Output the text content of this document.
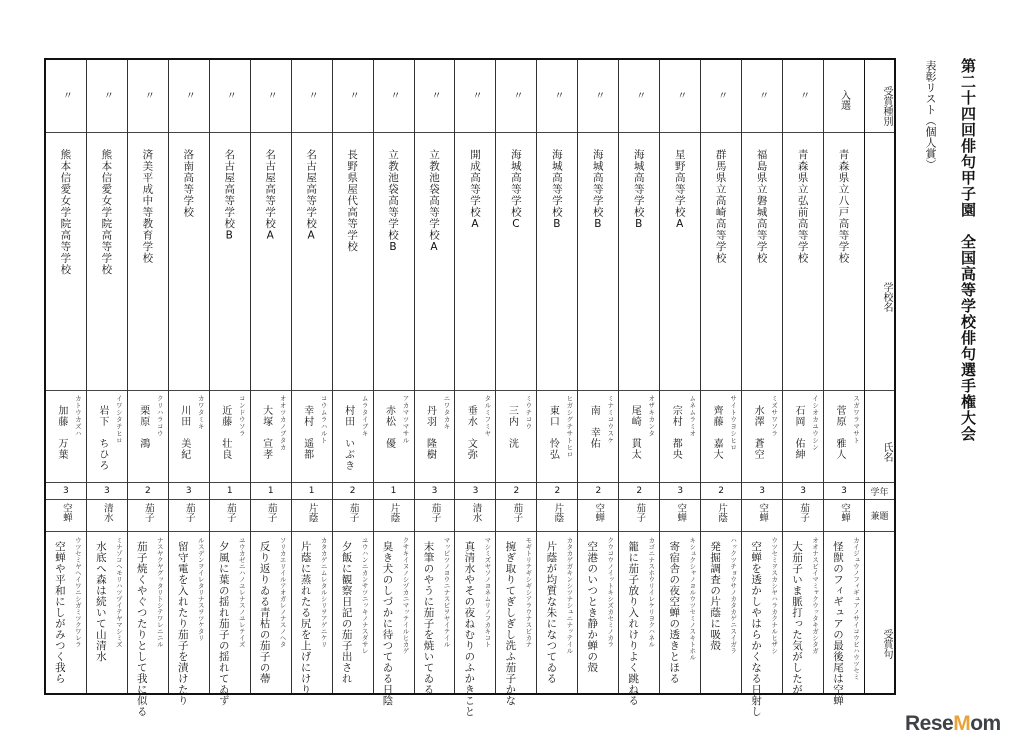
第二十四回俳句甲子園　全国高等学校俳句選手権大会
表彰リスト（個人賞）
受賞種別
学校名
氏名
学年
兼題
受賞句
入選
青森県立八戸高等学校
スガワラマサト
菅原　雅人
3
空蝉
カイジュウノフィギュアノサイコウビハウツセミ
怪獣のフィギュアの最後尾は空蝉
〃
青森県立弘前高等学校
イシオカユウシン
石岡　佑紳
3
茄子
オオナスビイマミャクウッタキガシタガ
大茄子いま脈打った気がしたが
〃
福島県立磐城高等学校
ミズサワソラ
水澤　蒼空
3
空蝉
ウツセミヲスカシヤハラカクナルヒザシ
空蝉を透かしやはらかくなる日射し
〃
群馬県立高崎高等学校
サイトウヨシヒロ
齊藤　嘉大
2
片蔭
ハックツチョウサノカタカゲニスイガラ
発掘調査の片蔭に吸殻
〃
星野高等学校A
ムネムラミオ
宗村　都央
3
空蝉
キシュクシャノヨルウツセミノスキトホル
寄宿舎の夜空蝉の透きとほる
〃
海城高等学校B
オザキカンタ
尾崎　貫太
2
茄子
カゴニナスホウリイレケリヨクハネル
籠に茄子放り入れけりよく跳ねる
〃
海城高等学校B
ミナミコウスケ
南　幸佑
2
空蝉
クウコウノイットキシズカセミノカラ
空港のいつとき静か蝉の殻
〃
海城高等学校B
ヒガシグチサトヒロ
東口　怜弘
2
片蔭
カタカゲガキンシツナシュニナッテイル
片蔭が均質な朱になつてゐる
〃
海城高等学校C
ミウチコウ
三内　洸
2
茄子
モギトリテギシギシアラウナスビカナ
捥ぎ取りてぎしぎし洗ふ茄子かな
〃
開成高等学校A
タルミフミヤ
垂水　文弥
3
清水
マシミズヤソノヨネムリノフカキコト
真清水やその夜ねむりのふかきこと
〃
立教池袋高等学校A
ニワタカキ
丹羽　隆樹
3
茄子
マッピツノヨウニナスビヲヤイテイル
末筆のやうに茄子を焼いてゐる
〃
立教池袋高等学校B
アカマツマサル
赤松　優
1
片蔭
クサキイヌノシヅカニマッテイルヒカゲ
臭き犬のしづかに待つてゐる日陰
〃
長野県屋代高等学校
ムラタイブキ
村田　いぶき
2
茄子
ユウハンニカンサツニッキノナスダサレ
夕飯に観察日記の茄子出され
〃
名古屋高等学校A
コウムラハルト
幸村　遥都
1
片蔭
カタカゲニムレタルシリヲアゲニケリ
片蔭に蒸れたる尻を上げにけり
〃
名古屋高等学校A
オオツカノブタカ
大塚　宣孝
1
茄子
ソリカエリイルアオガレノナスノヘタ
反り返りゐる青枯の茄子の蔕
〃
名古屋高等学校B
コンドウソラ
近藤　壮良
1
茄子
ユウカゼニハノユレナスノユレテイズ
夕風に葉の揺れ茄子の揺れてゐず
〃
洛南高等学校
カワタミキ
川田　美紀
3
茄子
ルスデンヲイレタリナスヲツケタリ
留守電を入れたり茄子を漬けたり
〃
済美平成中等教育学校
クリハラコウ
栗原　鴻
2
茄子
ナスヤクヤグッタリトシテワレニニル
茄子焼くやぐつたりとして我に似る
〃
熊本信愛女学院高等学校
イワシタチヒロ
岩下　ちひろ
3
清水
ミナゾコヘモリハツヅイテヤマシミズ
水底へ森は続いて山清水
〃
熊本信愛女学院高等学校
カトウカズハ
加藤　万葉
3
空蝉
ウツセミヤヘイワニシガミツクワレラ
空蝉や平和にしがみつく我ら
ReseMom
